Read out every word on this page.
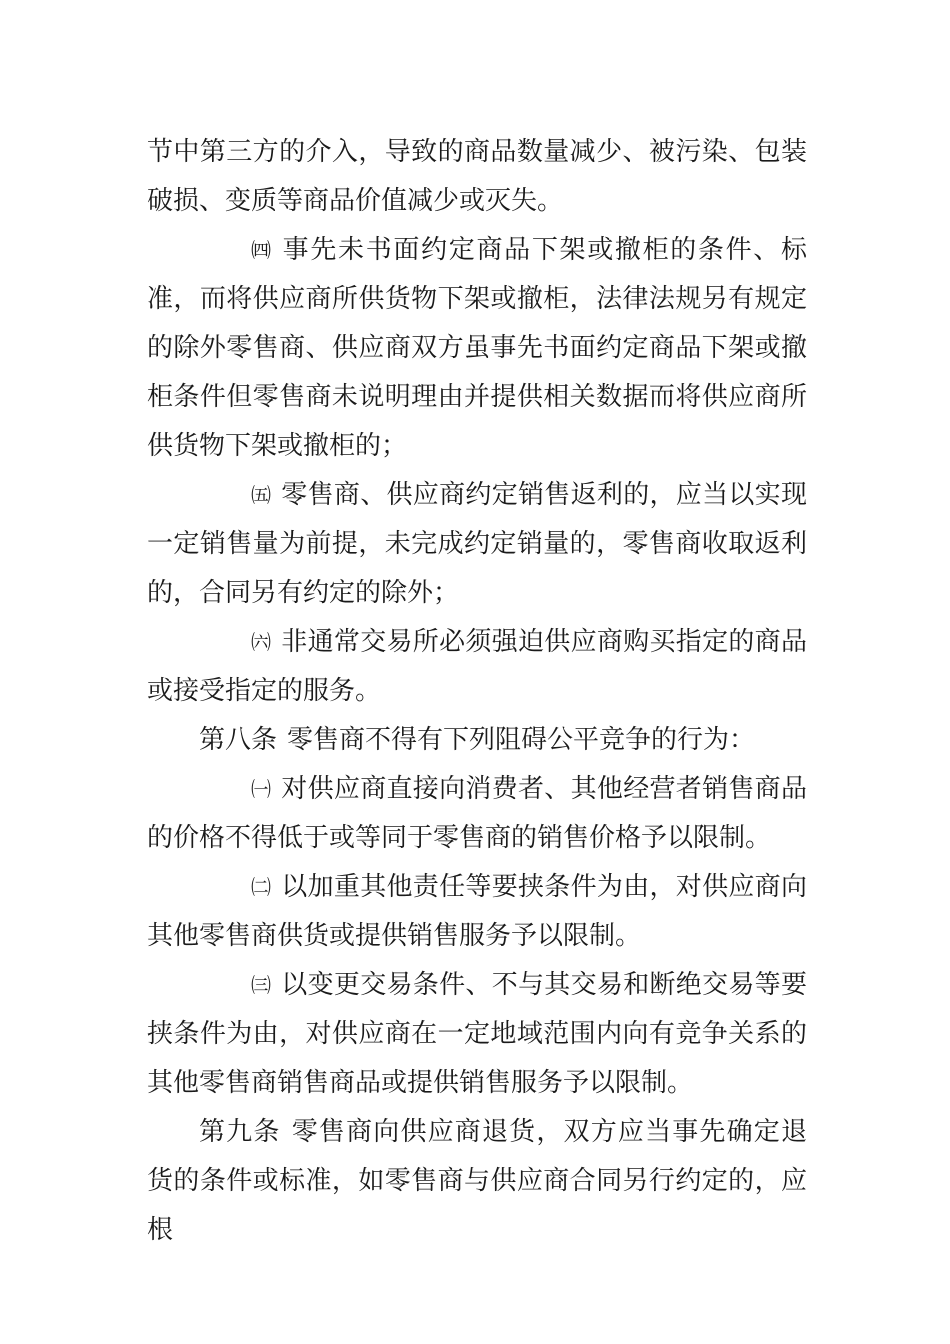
节中第三方的介入，导致的商品数量减少、被污染、包装破损、变质等商品价值减少或灭失。

㈣ 事先未书面约定商品下架或撤柜的条件、标准，而将供应商所供货物下架或撤柜，法律法规另有规定的除外零售商、供应商双方虽事先书面约定商品下架或撤柜条件但零售商未说明理由并提供相关数据而将供应商所供货物下架或撤柜的；

㈤ 零售商、供应商约定销售返利的，应当以实现一定销售量为前提，未完成约定销量的，零售商收取返利的，合同另有约定的除外；

㈥ 非通常交易所必须强迫供应商购买指定的商品或接受指定的服务。

第八条 零售商不得有下列阻碍公平竞争的行为：

㈠ 对供应商直接向消费者、其他经营者销售商品的价格不得低于或等同于零售商的销售价格予以限制。

㈡ 以加重其他责任等要挟条件为由，对供应商向其他零售商供货或提供销售服务予以限制。

㈢ 以变更交易条件、不与其交易和断绝交易等要挟条件为由，对供应商在一定地域范围内向有竞争关系的其他零售商销售商品或提供销售服务予以限制。

第九条 零售商向供应商退货，双方应当事先确定退货的条件或标准，如零售商与供应商合同另行约定的，应根
